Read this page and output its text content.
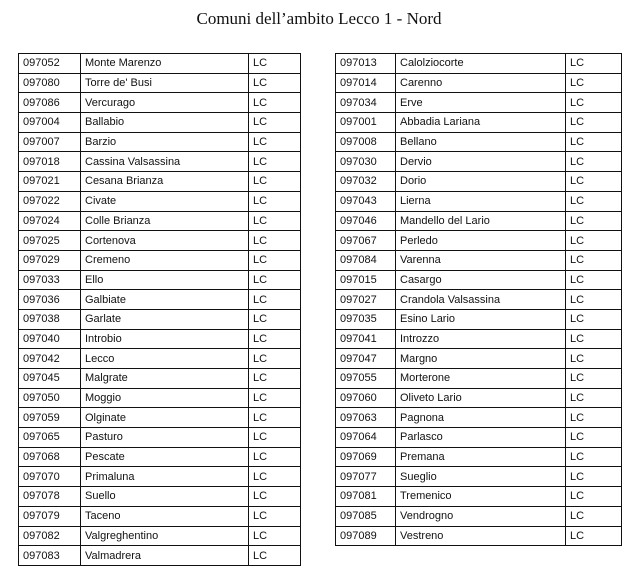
Comuni dell’ambito Lecco 1 - Nord
097052	Monte Marenzo	LC
097080	Torre de' Busi	LC
097086	Vercurago	LC
097004	Ballabio	LC
097007	Barzio	LC
097018	Cassina Valsassina	LC
097021	Cesana Brianza	LC
097022	Civate	LC
097024	Colle Brianza	LC
097025	Cortenova	LC
097029	Cremeno	LC
097033	Ello	LC
097036	Galbiate	LC
097038	Garlate	LC
097040	Introbio	LC
097042	Lecco	LC
097045	Malgrate	LC
097050	Moggio	LC
097059	Olginate	LC
097065	Pasturo	LC
097068	Pescate	LC
097070	Primaluna	LC
097078	Suello	LC
097079	Taceno	LC
097082	Valgreghentino	LC
097083	Valmadrera	LC
097013	Calolziocorte	LC
097014	Carenno	LC
097034	Erve	LC
097001	Abbadia Lariana	LC
097008	Bellano	LC
097030	Dervio	LC
097032	Dorio	LC
097043	Lierna	LC
097046	Mandello del Lario	LC
097067	Perledo	LC
097084	Varenna	LC
097015	Casargo	LC
097027	Crandola Valsassina	LC
097035	Esino Lario	LC
097041	Introzzo	LC
097047	Margno	LC
097055	Morterone	LC
097060	Oliveto Lario	LC
097063	Pagnona	LC
097064	Parlasco	LC
097069	Premana	LC
097077	Sueglio	LC
097081	Tremenico	LC
097085	Vendrogno	LC
097089	Vestreno	LC
